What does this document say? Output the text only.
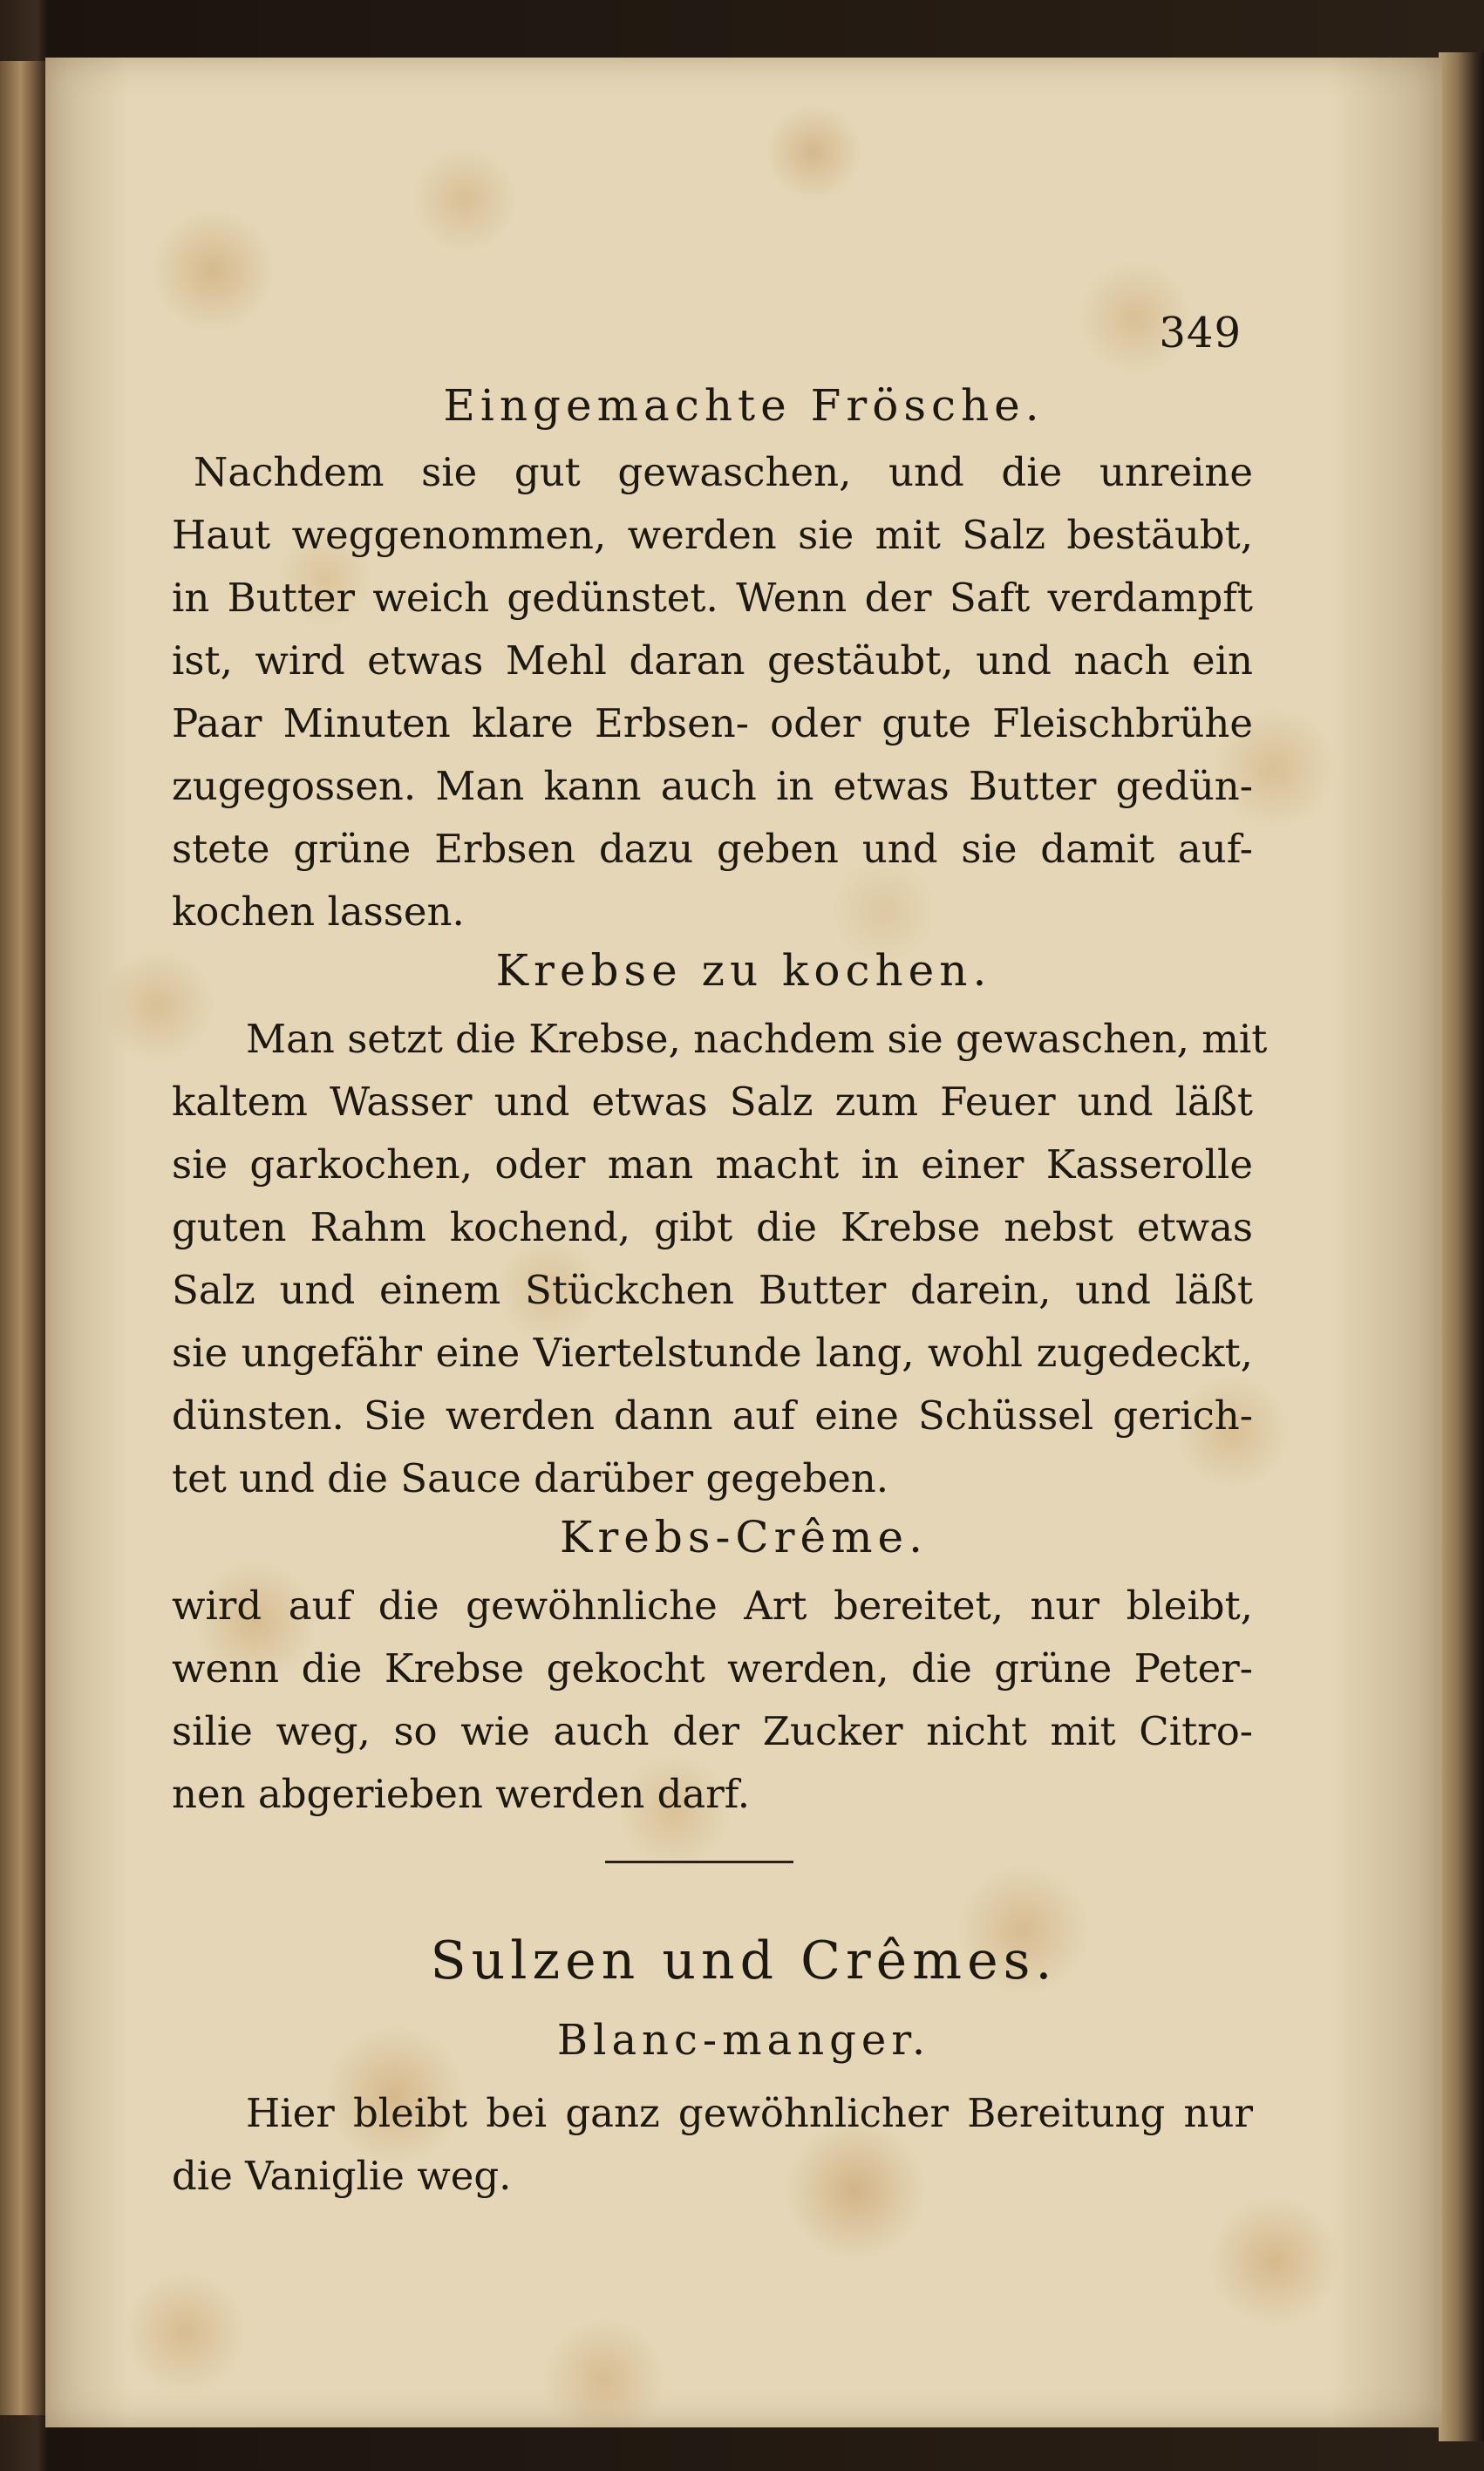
349
Eingemachte Frösche.
Nachdem sie gut gewaschen, und die unreine
Haut weggenommen, werden sie mit Salz bestäubt,
in Butter weich gedünstet. Wenn der Saft verdampft
ist, wird etwas Mehl daran gestäubt, und nach ein
Paar Minuten klare Erbsen- oder gute Fleischbrühe
zugegossen. Man kann auch in etwas Butter gedün-
stete grüne Erbsen dazu geben und sie damit auf-
kochen lassen.
Krebse zu kochen.
Man setzt die Krebse, nachdem sie gewaschen, mit
kaltem Wasser und etwas Salz zum Feuer und läßt
sie garkochen, oder man macht in einer Kasserolle
guten Rahm kochend, gibt die Krebse nebst etwas
Salz und einem Stückchen Butter darein, und läßt
sie ungefähr eine Viertelstunde lang, wohl zugedeckt,
dünsten. Sie werden dann auf eine Schüssel gerich-
tet und die Sauce darüber gegeben.
Krebs-Crême.
wird auf die gewöhnliche Art bereitet, nur bleibt,
wenn die Krebse gekocht werden, die grüne Peter-
silie weg, so wie auch der Zucker nicht mit Citro-
nen abgerieben werden darf.
Sulzen und Crêmes.
Blanc-manger.
Hier bleibt bei ganz gewöhnlicher Bereitung nur
die Vaniglie weg.
